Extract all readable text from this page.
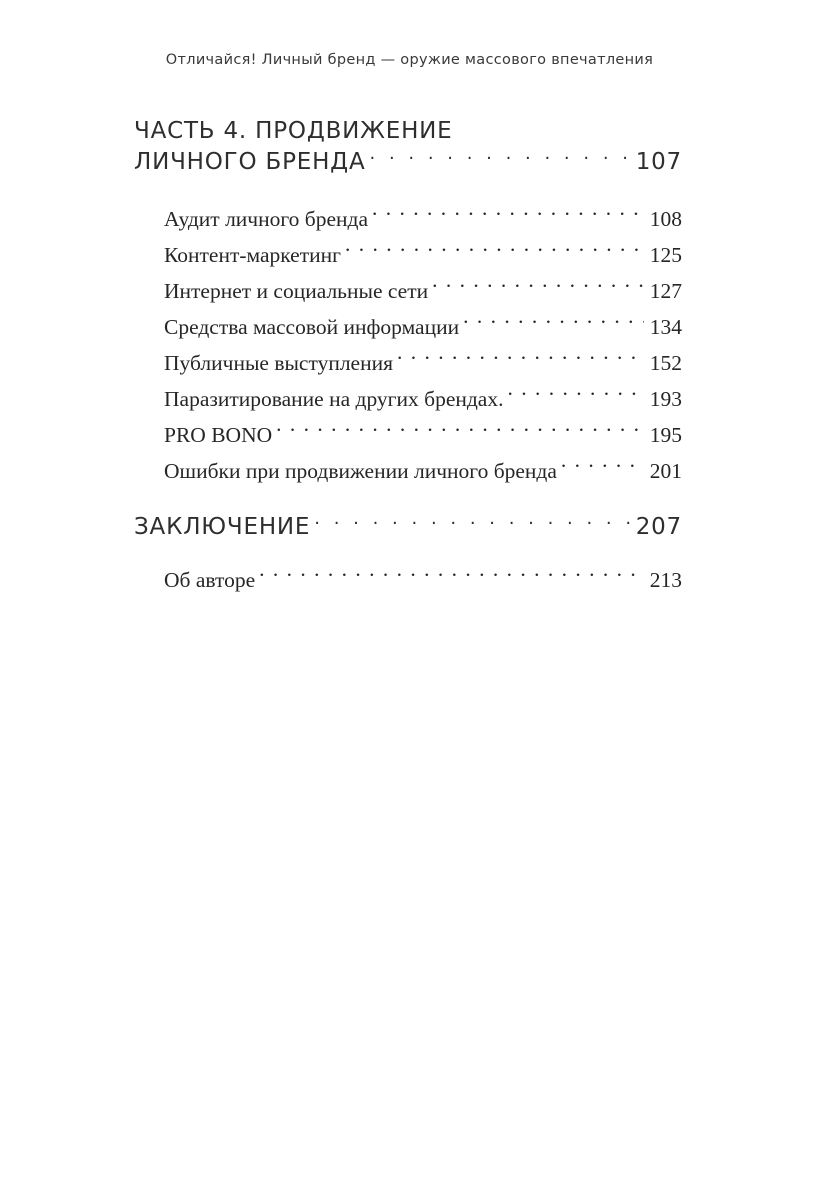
Отличайся! Личный бренд — оружие массового впечатления
ЧАСТЬ 4. ПРОДВИЖЕНИЕ
ЛИЧНОГО БРЕНДА . . .	107
Аудит личного бренда . . .	108
Контент-маркетинг . . .	125
Интернет и социальные сети . . .	127
Средства массовой информации . . .	134
Публичные выступления . . .	152
Паразитирование на других брендах. . . .	193
PRO BONO . . .	195
Ошибки при продвижении личного бренда . . .	201
ЗАКЛЮЧЕНИЕ . . .	207
Об авторе . . .	213
